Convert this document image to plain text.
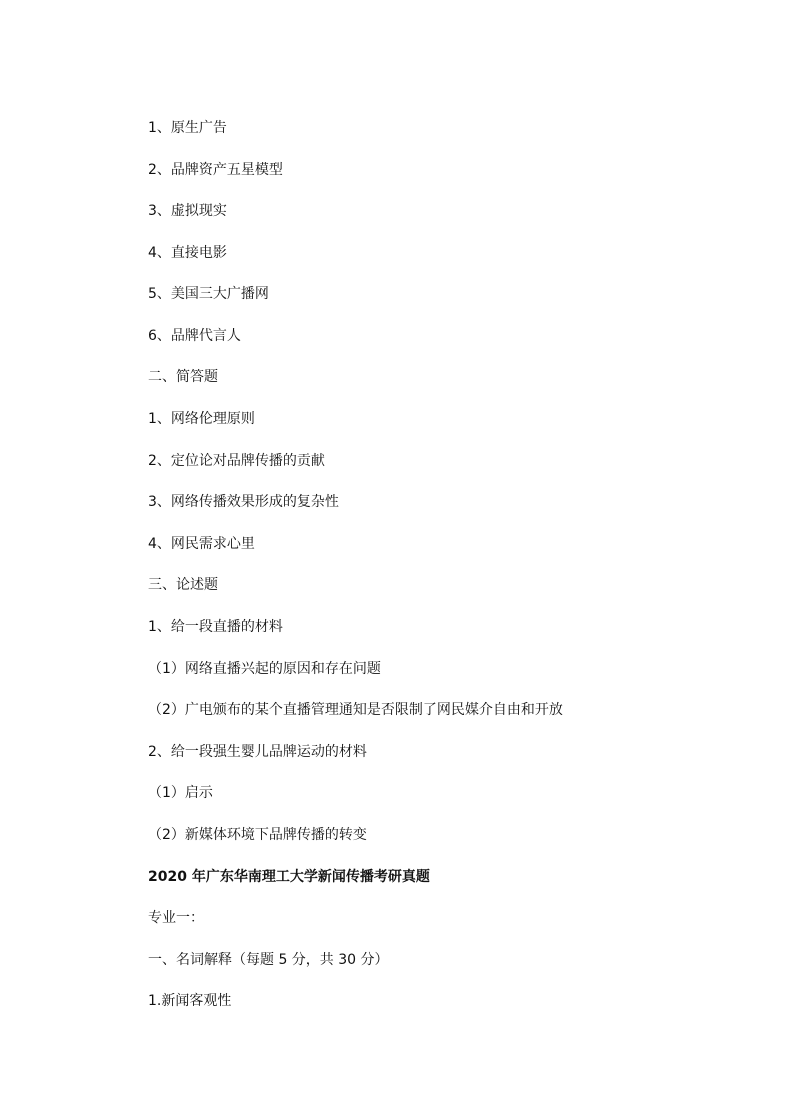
1、原生广告

2、品牌资产五星模型

3、虚拟现实

4、直接电影

5、美国三大广播网

6、品牌代言人

二、简答题

1、网络伦理原则

2、定位论对品牌传播的贡献

3、网络传播效果形成的复杂性

4、网民需求心里

三、论述题

1、给一段直播的材料

（1）网络直播兴起的原因和存在问题

（2）广电颁布的某个直播管理通知是否限制了网民媒介自由和开放

2、给一段强生婴儿品牌运动的材料

（1）启示

（2）新媒体环境下品牌传播的转变

2020 年广东华南理工大学新闻传播考研真题

专业一：

一、名词解释（每题 5 分，共 30 分）

1.新闻客观性
